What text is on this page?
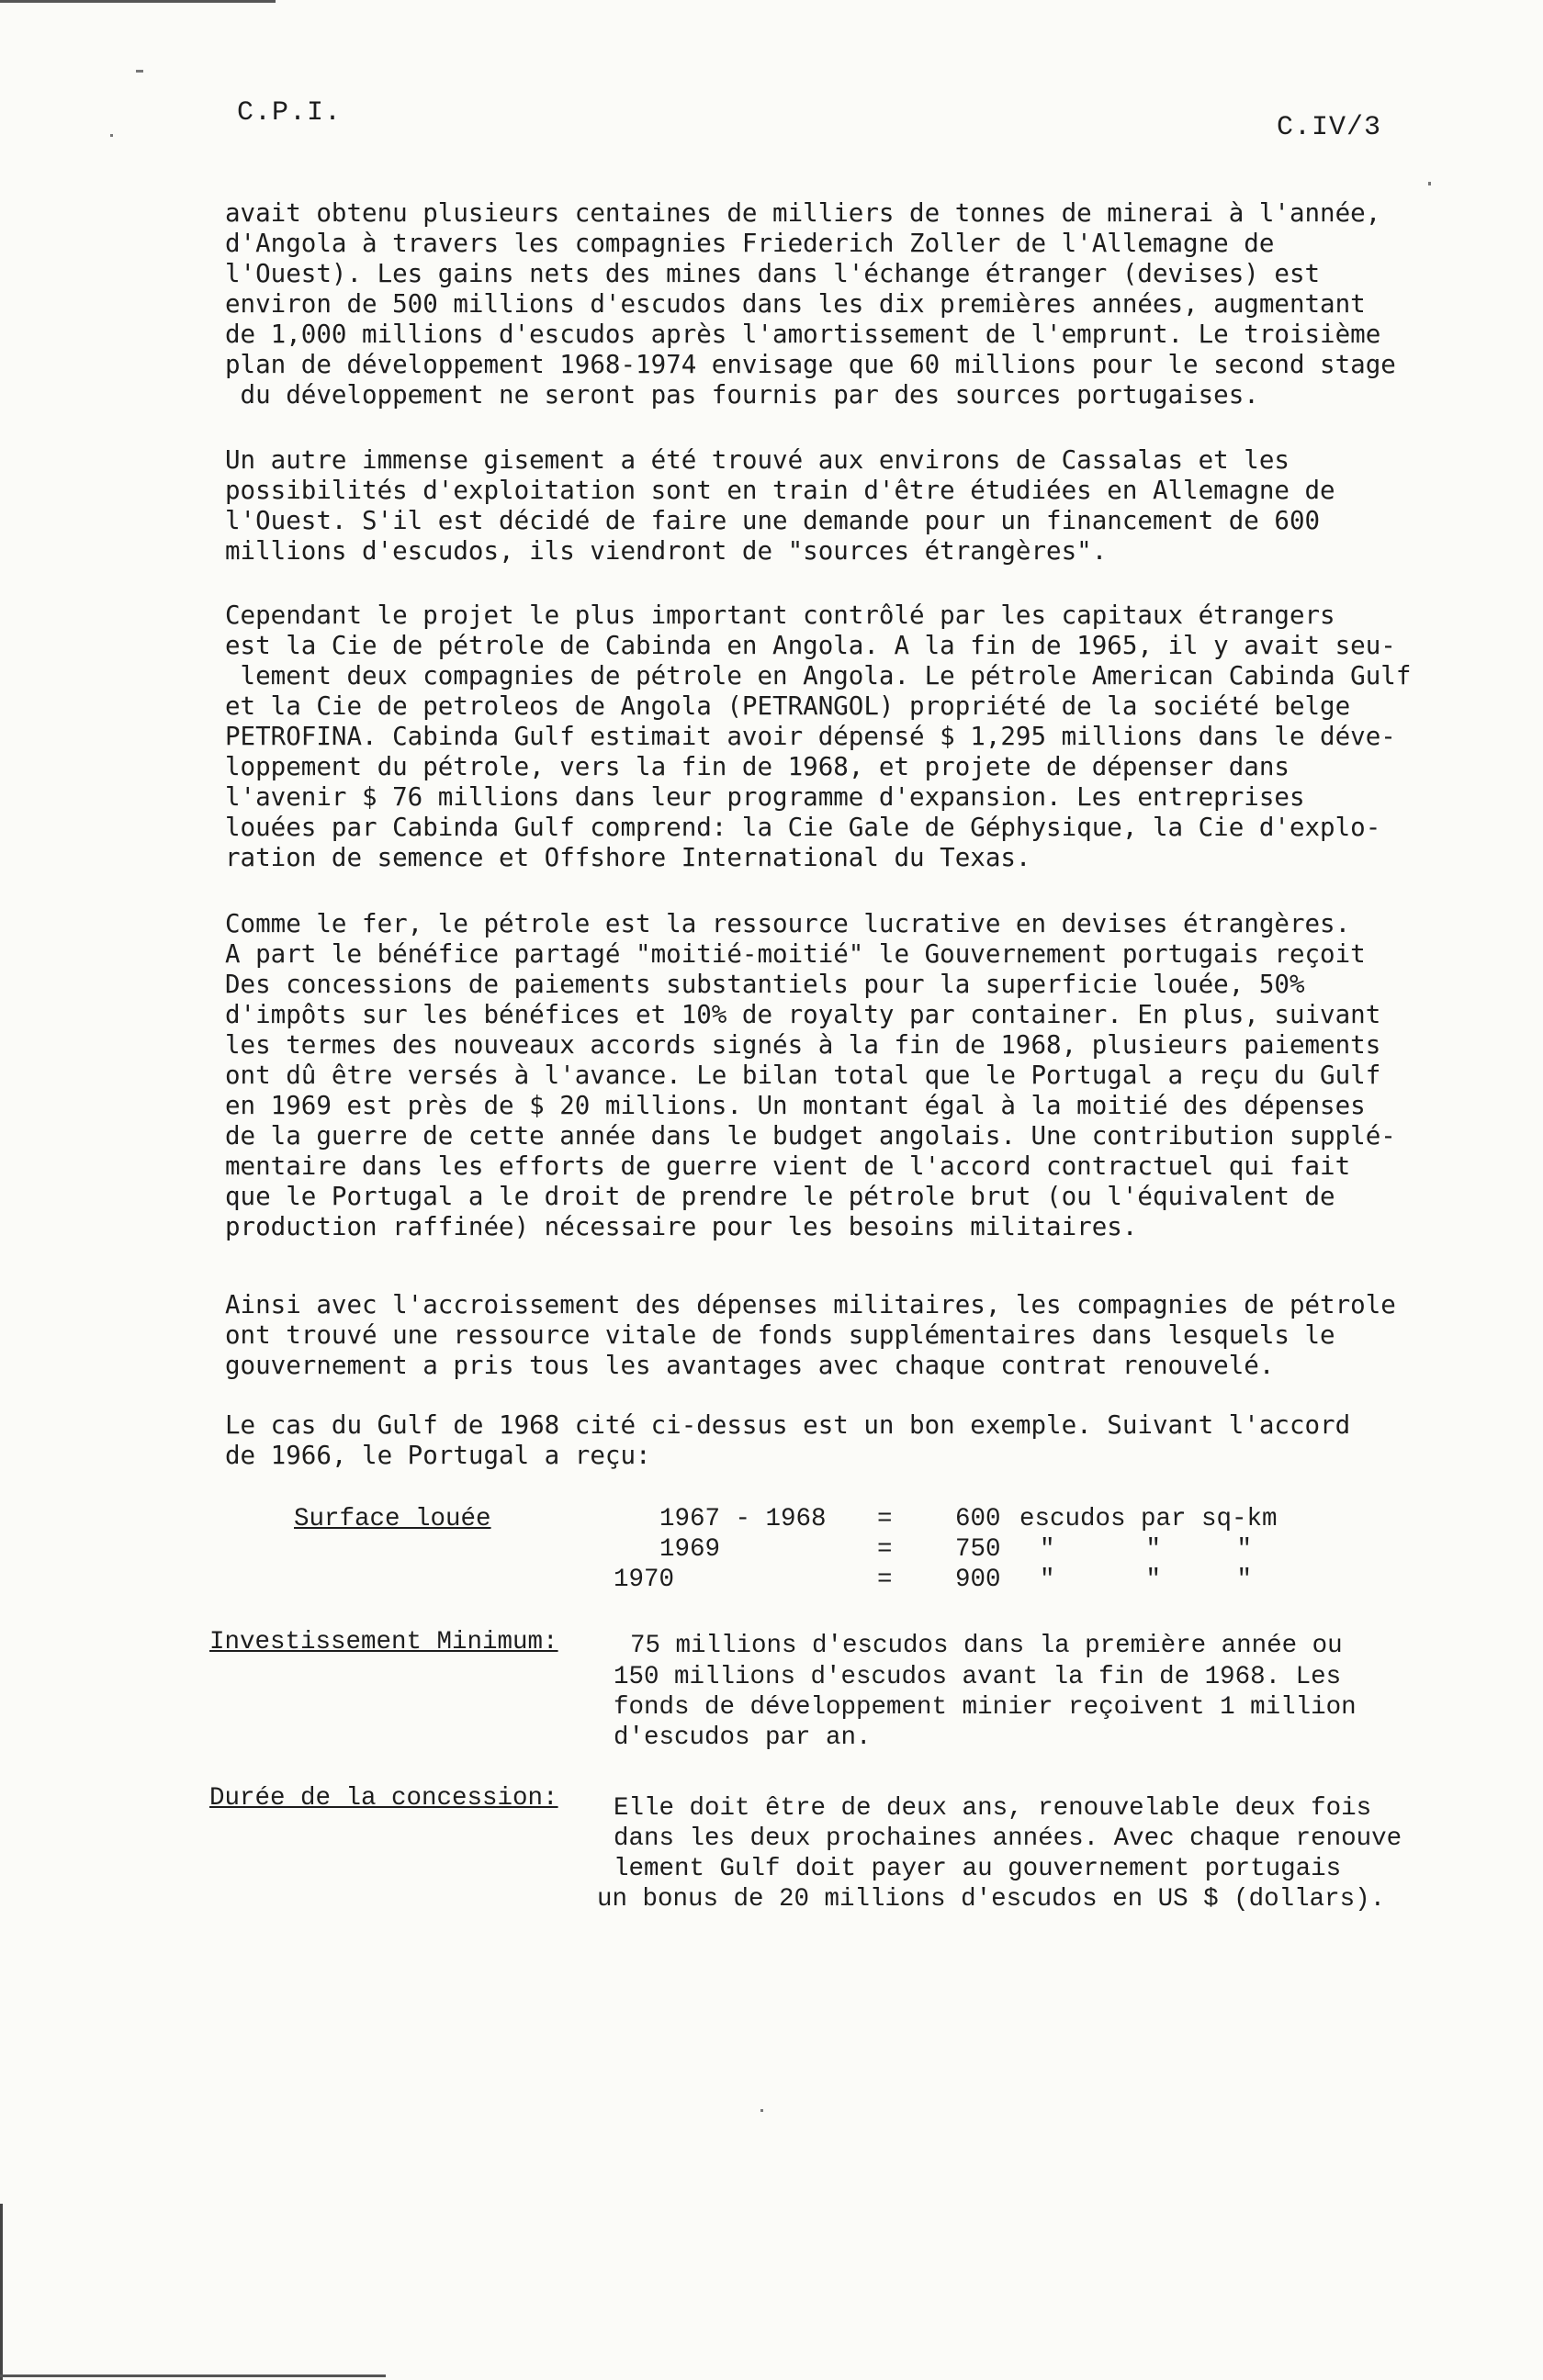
C.P.I.	C.IV/3
avait obtenu plusieurs centaines de milliers de tonnes de minerai à l'année,
d'Angola à travers les compagnies Friederich Zoller de l'Allemagne de
l'Ouest). Les gains nets des mines dans l'échange étranger (devises) est
environ de 500 millions d'escudos dans les dix premières années, augmentant
de 1,000 millions d'escudos après l'amortissement de l'emprunt. Le troisième
plan de développement 1968-1974 envisage que 60 millions pour le second stage
du développement ne seront pas fournis par des sources portugaises.
Un autre immense gisement a été trouvé aux environs de Cassalas et les
possibilités d'exploitation sont en train d'être étudiées en Allemagne de
l'Ouest. S'il est décidé de faire une demande pour un financement de 600
millions d'escudos, ils viendront de "sources étrangères".
Cependant le projet le plus important contrôlé par les capitaux étrangers
est la Cie de pétrole de Cabinda en Angola. A la fin de 1965, il y avait seu-
lement deux compagnies de pétrole en Angola. Le pétrole American Cabinda Gulf
et la Cie de petroleos de Angola (PETRANGOL) propriété de la société belge
PETROFINA. Cabinda Gulf estimait avoir dépensé $ 1,295 millions dans le déve-
loppement du pétrole, vers la fin de 1968, et projete de dépenser dans
l'avenir $ 76 millions dans leur programme d'expansion. Les entreprises
louées par Cabinda Gulf comprend: la Cie Gale de Géphysique, la Cie d'explo-
ration de semence et Offshore International du Texas.
Comme le fer, le pétrole est la ressource lucrative en devises étrangères.
A part le bénéfice partagé "moitié-moitié" le Gouvernement portugais reçoit
Des concessions de paiements substantiels pour la superficie louée, 50%
d'impôts sur les bénéfices et 10% de royalty par container. En plus, suivant
les termes des nouveaux accords signés à la fin de 1968, plusieurs paiements
ont dû être versés à l'avance. Le bilan total que le Portugal a reçu du Gulf
en 1969 est près de $ 20 millions. Un montant égal à la moitié des dépenses
de la guerre de cette année dans le budget angolais. Une contribution supplé-
mentaire dans les efforts de guerre vient de l'accord contractuel qui fait
que le Portugal a le droit de prendre le pétrole brut (ou l'équivalent de
production raffinée) nécessaire pour les besoins militaires.
Ainsi avec l'accroissement des dépenses militaires, les compagnies de pétrole
ont trouvé une ressource vitale de fonds supplémentaires dans lesquels le
gouvernement a pris tous les avantages avec chaque contrat renouvelé.
Le cas du Gulf de 1968 cité ci-dessus est un bon exemple. Suivant l'accord
de 1966, le Portugal a reçu:
Surface louée	1967 - 1968 = 600 escudos par sq-km
1969	= 750 "      "     "
1970	= 900 "      "     "
Investissement Minimum:	75 millions d'escudos dans la première année ou
150 millions d'escudos avant la fin de 1968. Les
fonds de développement minier reçoivent 1 million
d'escudos par an.
Durée de la concession: Elle doit être de deux ans, renouvelable deux fois
dans les deux prochaines années. Avec chaque renouve
lement Gulf doit payer au gouvernement portugais
un bonus de 20 millions d'escudos en US $ (dollars).
